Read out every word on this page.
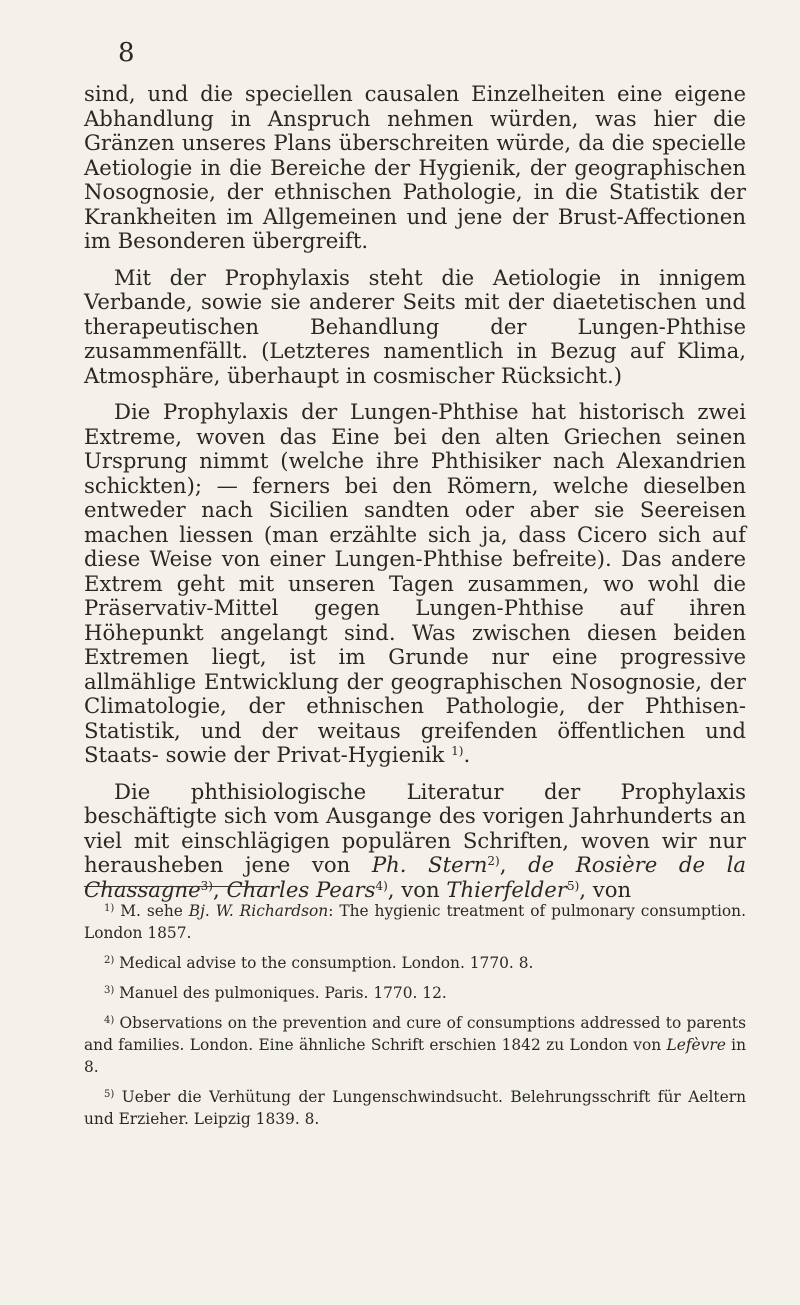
8

sind, und die speciellen causalen Einzelheiten eine eigene Abhandlung in Anspruch nehmen würden, was hier die Gränzen unseres Plans überschreiten würde, da die specielle Aetiologie in die Bereiche der Hygienik, der geographischen Nosognosie, der ethnischen Pathologie, in die Statistik der Krankheiten im Allgemeinen und jene der Brust-Affectionen im Besonderen übergreift.

Mit der Prophylaxis steht die Aetiologie in innigem Verbande, sowie sie anderer Seits mit der diaetetischen und therapeutischen Behandlung der Lungen-Phthise zusammenfällt. (Letzteres namentlich in Bezug auf Klima, Atmosphäre, überhaupt in cosmischer Rücksicht.)

Die Prophylaxis der Lungen-Phthise hat historisch zwei Extreme, woven das Eine bei den alten Griechen seinen Ursprung nimmt (welche ihre Phthisiker nach Alexandrien schickten); — ferners bei den Römern, welche dieselben entweder nach Sicilien sandten oder aber sie Seereisen machen liessen (man erzählte sich ja, dass Cicero sich auf diese Weise von einer Lungen-Phthise befreite). Das andere Extrem geht mit unseren Tagen zusammen, wo wohl die Präservativ-Mittel gegen Lungen-Phthise auf ihren Höhepunkt angelangt sind. Was zwischen diesen beiden Extremen liegt, ist im Grunde nur eine progressive allmählige Entwicklung der geographischen Nosognosie, der Climatologie, der ethnischen Pathologie, der Phthisen-Statistik, und der weitaus greifenden öffentlichen und Staats- sowie der Privat-Hygienik $^{1)}$.

Die phthisiologische Literatur der Prophylaxis beschäftigte sich vom Ausgange des vorigen Jahrhunderts an viel mit einschlägigen populären Schriften, woven wir nur herausheben jene von Ph. Stern$^{2)}$, de Rosière de la Chassagne$^{3)}$, Charles Pears$^{4)}$, von Thierfelder$^{5)}$, von

$^{1)}$ M. sehe Bj. W. Richardson: The hygienic treatment of pulmonary consumption. London 1857.

$^{2)}$ Medical advise to the consumption. London. 1770. 8.

$^{3)}$ Manuel des pulmoniques. Paris. 1770. 12.

$^{4)}$ Observations on the prevention and cure of consumptions addressed to parents and families. London. Eine ähnliche Schrift erschien 1842 zu London von Lefèvre in 8.

$^{5)}$ Ueber die Verhütung der Lungenschwindsucht. Belehrungsschrift für Aeltern und Erzieher. Leipzig 1839. 8.
